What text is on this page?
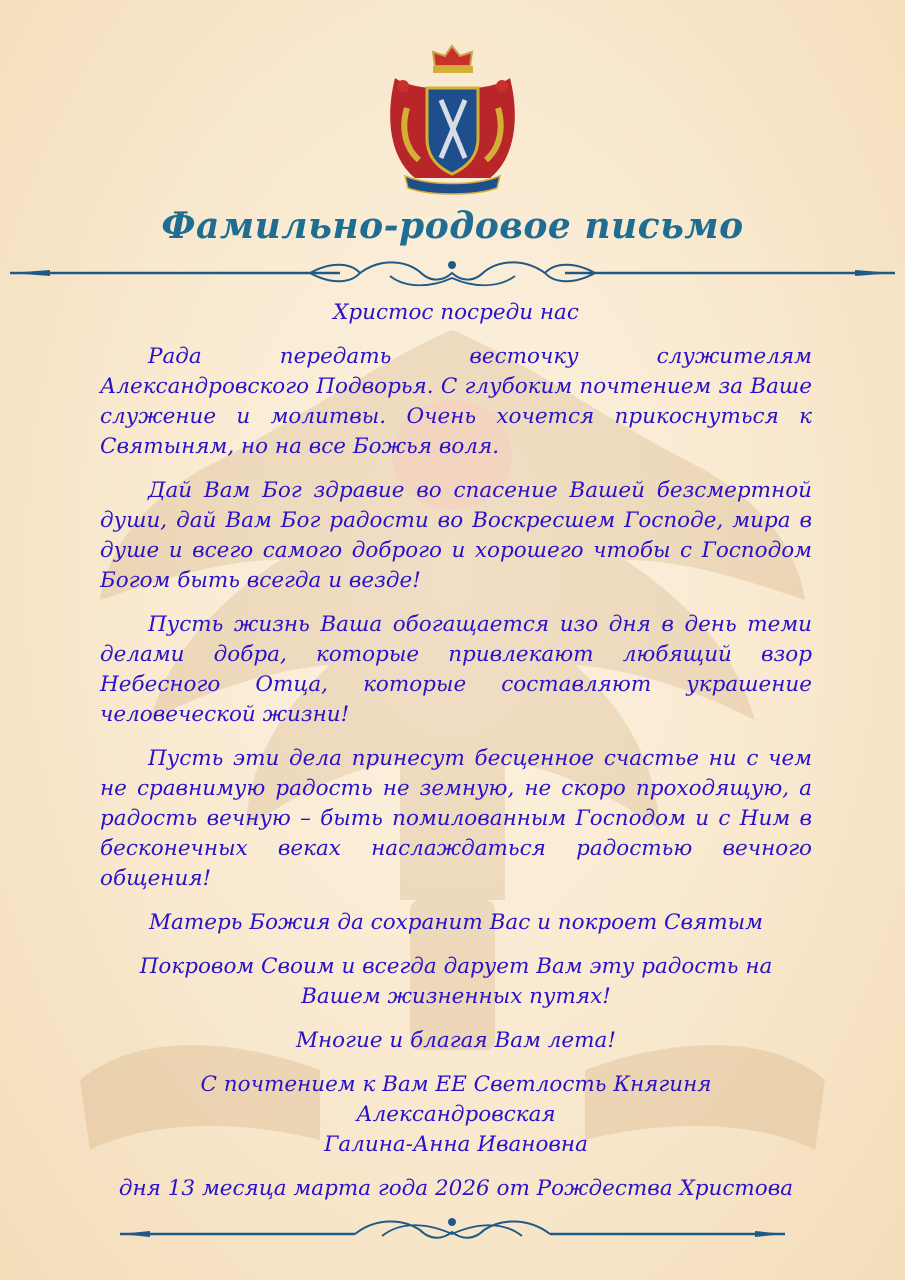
Фамильно-родовое письмо

Христос посреди нас

Рада передать весточку служителям Александровского Подворья. С глубоким почтением за Ваше служение и молитвы. Очень хочется прикоснуться к Святыням, но на все Божья воля.

Дай Вам Бог здравие во спасение Вашей безсмертной души, дай Вам Бог радости во Воскресшем Господе, мира в душе и всего самого доброго и хорошего чтобы с Господом Богом быть всегда и везде!

Пусть жизнь Ваша обогащается изо дня в день теми делами добра, которые привлекают любящий взор Небесного Отца, которые составляют украшение человеческой жизни!

Пусть эти дела принесут бесценное счастье ни с чем не сравнимую радость не земную, не скоро проходящую, а радость вечную – быть помилованным Господом и с Ним в бесконечных веках наслаждаться радостью вечного общения!

Матерь Божия да сохранит Вас и покроет Святым

Покровом Своим и всегда дарует Вам эту радость на Вашем жизненных путях!

Многие и благая Вам лета!

С почтением к Вам ЕЕ Светлость Княгиня Александровская

Галина-Анна Ивановна

дня 13 месяца марта года 2026 от Рождества Христова
